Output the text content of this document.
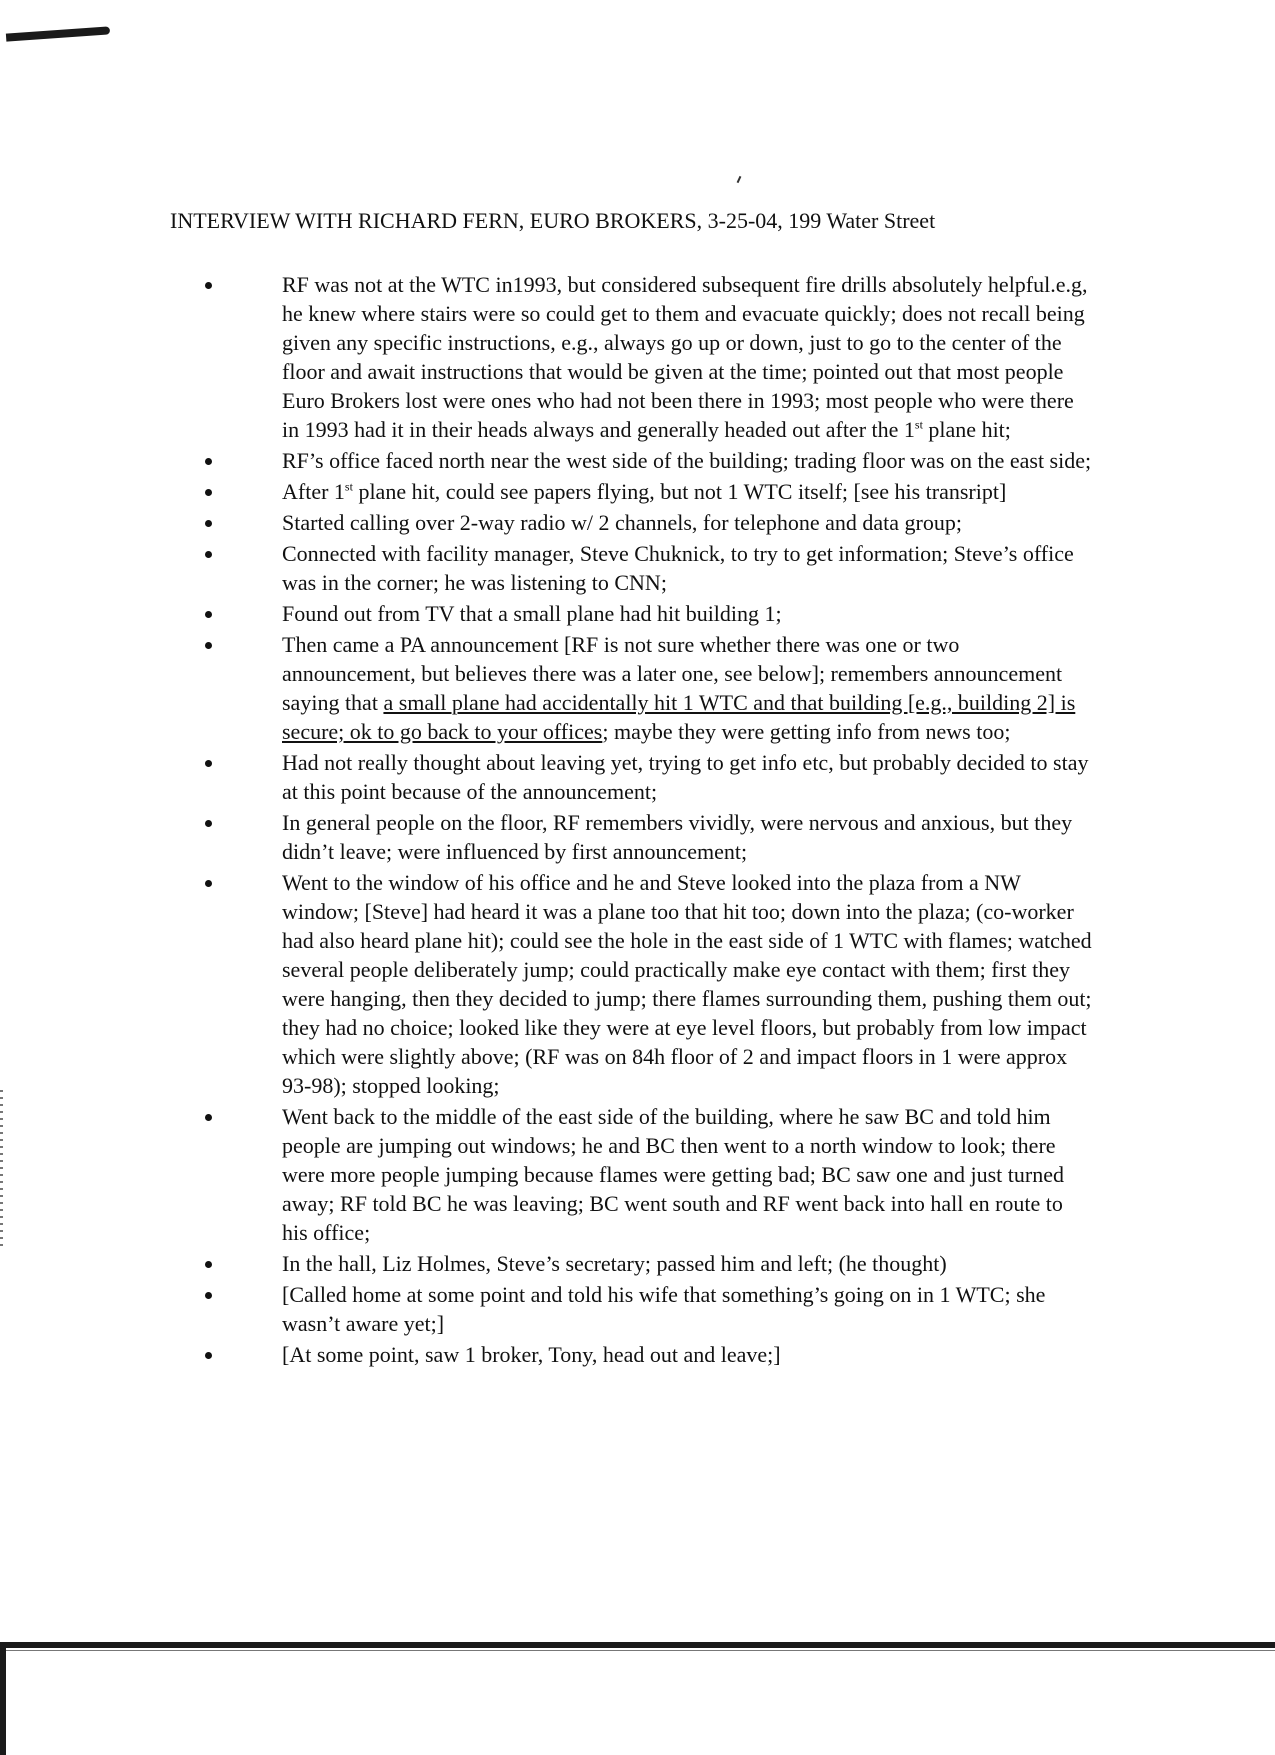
INTERVIEW WITH RICHARD FERN, EURO BROKERS, 3-25-04, 199 Water Street
RF was not at the WTC in1993, but considered subsequent fire drills absolutely helpful.e.g, he knew where stairs were so could get to them and evacuate quickly; does not recall being given any specific instructions, e.g., always go up or down, just to go to the center of the floor and await instructions that would be given at the time; pointed out that most people Euro Brokers lost were ones who had not been there in 1993; most people who were there in 1993 had it in their heads always and generally headed out after the 1st plane hit;
RF’s office faced north near the west side of the building; trading floor was on the east side;
After 1st plane hit, could see papers flying, but not 1 WTC itself; [see his transript]
Started calling over 2-way radio w/ 2 channels, for telephone and data group;
Connected with facility manager, Steve Chuknick, to try to get information; Steve’s office was in the corner; he was listening to CNN;
Found out from TV that a small plane had hit building 1;
Then came a PA announcement [RF is not sure whether there was one or two announcement, but believes there was a later one, see below]; remembers announcement saying that a small plane had accidentally hit 1 WTC and that building [e.g., building 2] is secure; ok to go back to your offices; maybe they were getting info from news too;
Had not really thought about leaving yet, trying to get info etc, but probably decided to stay at this point because of the announcement;
In general people on the floor, RF remembers vividly, were nervous and anxious, but they didn’t leave; were influenced by first announcement;
Went to the window of his office and he and Steve looked into the plaza from a NW window; [Steve] had heard it was a plane too that hit too; down into the plaza; (co-worker had also heard plane hit); could see the hole in the east side of 1 WTC with flames; watched several people deliberately jump; could practically make eye contact with them; first they were hanging, then they decided to jump; there flames surrounding them, pushing them out; they had no choice; looked like they were at eye level floors, but probably from low impact which were slightly above; (RF was on 84h floor of 2 and impact floors in 1 were approx 93-98); stopped looking;
Went back to the middle of the east side of the building, where he saw BC and told him people are jumping out windows; he and BC then went to a north window to look; there were more people jumping because flames were getting bad; BC saw one and just turned away; RF told BC he was leaving; BC went south and RF went back into hall en route to his office;
In the hall, Liz Holmes, Steve’s secretary; passed him and left; (he thought)
[Called home at some point and told his wife that something’s going on in 1 WTC; she wasn’t aware yet;]
[At some point, saw 1 broker, Tony, head out and leave;]
